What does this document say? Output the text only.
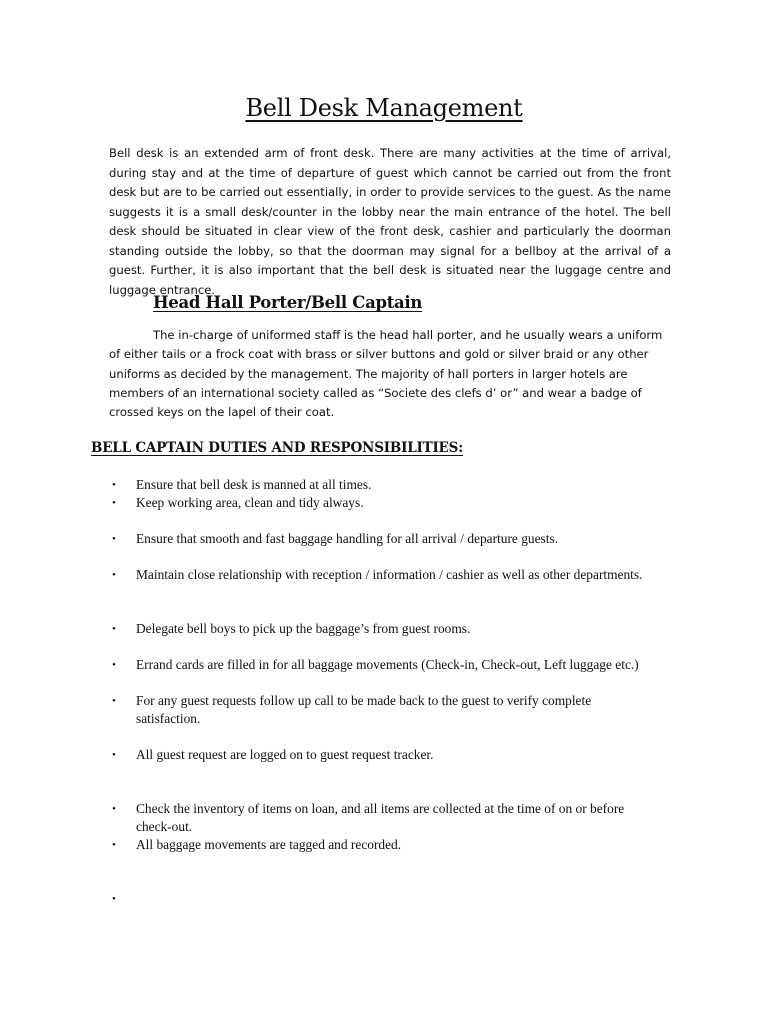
Bell Desk Management

Bell desk is an extended arm of front desk. There are many activities at the time of arrival, during stay and at the time of departure of guest which cannot be carried out from the front desk but are to be carried out essentially, in order to provide services to the guest. As the name suggests it is a small desk/counter in the lobby near the main entrance of the hotel. The bell desk should be situated in clear view of the front desk, cashier and particularly the doorman standing outside the lobby, so that the doorman may signal for a bellboy at the arrival of a guest. Further, it is also important that the bell desk is situated near the luggage centre and luggage entrance.

Head Hall Porter/Bell Captain

The in-charge of uniformed staff is the head hall porter, and he usually wears a uniform of either tails or a frock coat with brass or silver buttons and gold or silver braid or any other uniforms as decided by the management. The majority of hall porters in larger hotels are members of an international society called as “Societe des clefs d’ or” and wear a badge of crossed keys on the lapel of their coat.

BELL CAPTAIN DUTIES AND RESPONSIBILITIES:
•	Ensure that bell desk is manned at all times.
•	Keep working area, clean and tidy always.
•	Ensure that smooth and fast baggage handling for all arrival / departure guests.
•	Maintain close relationship with reception / information / cashier as well as other departments.
•	Delegate bell boys to pick up the baggage’s from guest rooms.
•	Errand cards are filled in for all baggage movements (Check-in, Check-out, Left luggage etc.)
•	For any guest requests follow up call to be made back to the guest to verify complete satisfaction.
•	All guest request are logged on to guest request tracker.
•	Check the inventory of items on loan, and all items are collected at the time of on or before check-out.
•	All baggage movements are tagged and recorded.
•
